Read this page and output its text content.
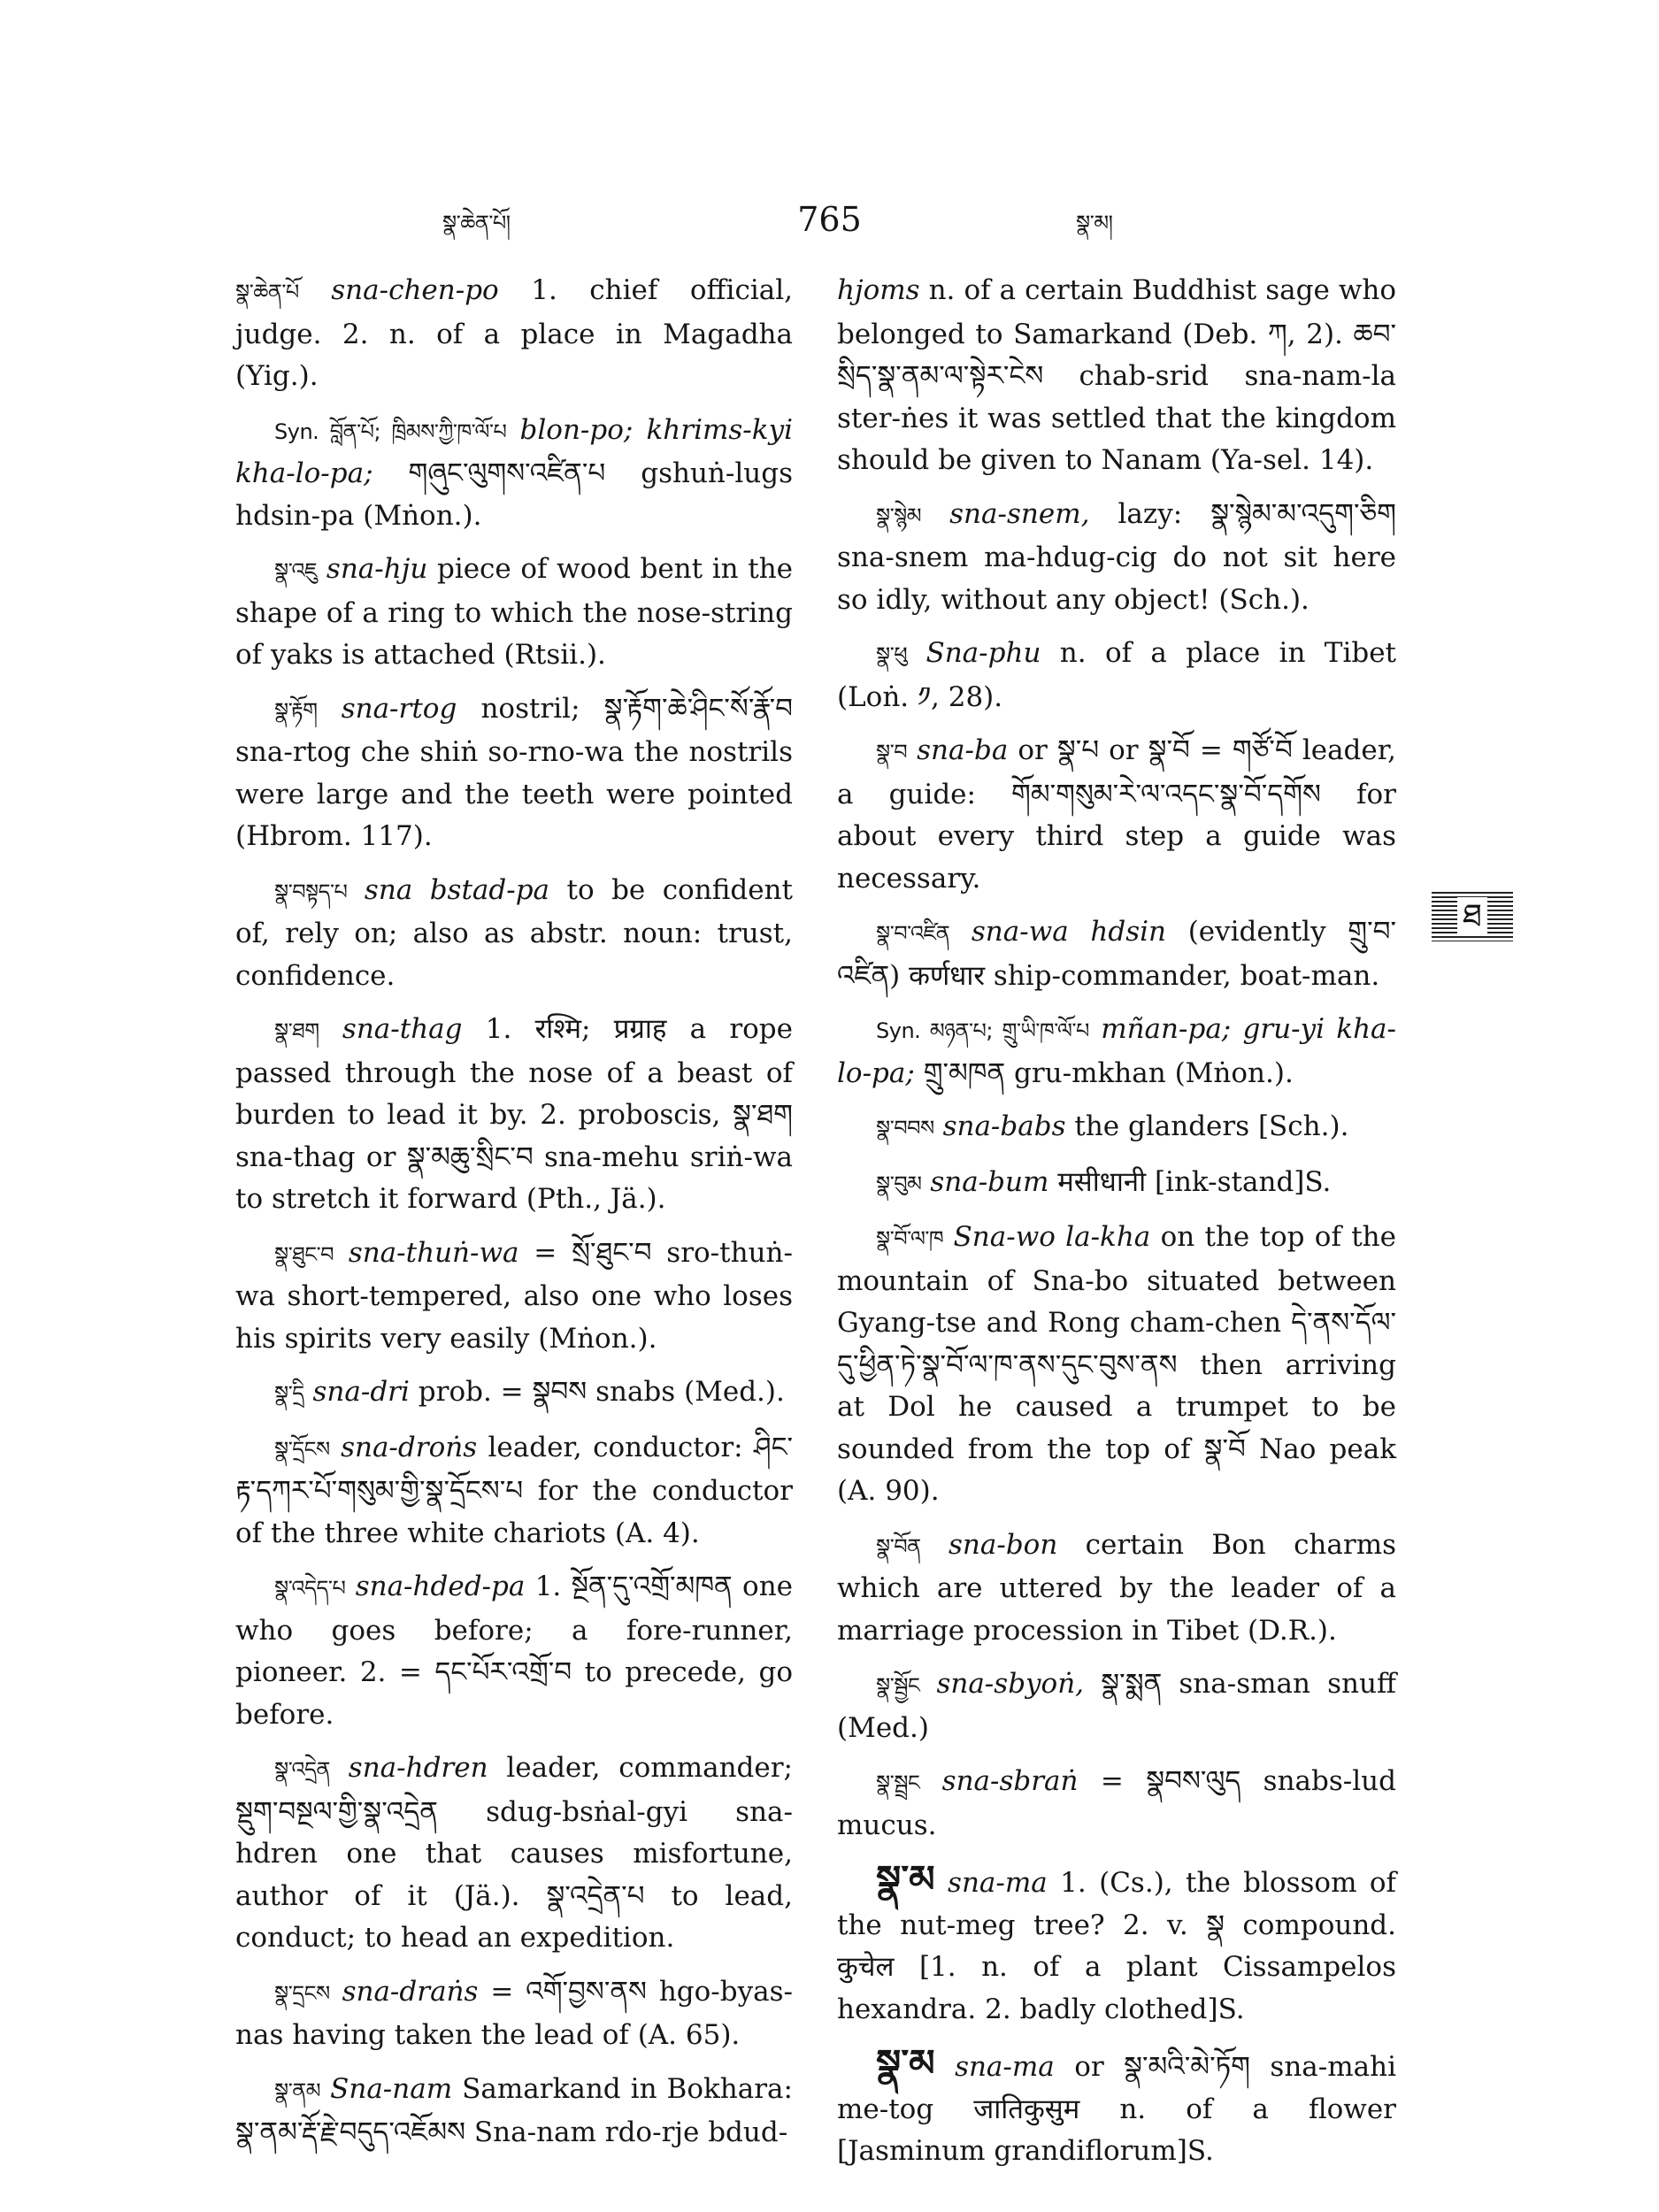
སྣ་ཆེན་པོ།	765	སྣ་མ།

སྣ་ཆེན་པོ sna-chen-po 1. chief official, judge. 2. n. of a place in Magadha (Yig.).

Syn. བློན་པོ; ཁྲིམས་ཀྱི་ཁ་ལོ་པ blon-po; khrims-kyi kha-lo-pa; གཞུང་ལུགས་འཛིན་པ gshuṅ-lugs hdsin-pa (Mṅon.).

སྣ་འཇུ sna-hju piece of wood bent in the shape of a ring to which the nose-string of yaks is attached (Rtsii.).

སྣ་རྟོག sna-rtog nostril; སྣ་རྟོག་ཆེ་ཤིང་སོ་རྣོ་བ sna-rtog che shiṅ so-rno-wa the nostrils were large and the teeth were pointed (Hbrom. 117).

སྣ་བསྟད་པ sna bstad-pa to be confident of, rely on; also as abstr. noun: trust, confidence.

སྣ་ཐག sna-thag 1. रश्मि; प्रग्राह a rope passed through the nose of a beast of burden to lead it by. 2. proboscis, སྣ་ཐག sna-thag or སྣ་མཆུ་སྲིང་བ sna-mehu sriṅ-wa to stretch it forward (Pth., Jä.).

སྣ་ཐུང་བ sna-thuṅ-wa = སྲོ་ཐུང་བ sro-thuṅ-wa short-tempered, also one who loses his spirits very easily (Mṅon.).

སྣ་དྲི sna-dri prob. = སྣབས snabs (Med.).

སྣ་དྲོངས sna-droṅs leader, conductor: ཤིང་རྟ་དཀར་པོ་གསུམ་གྱི་སྣ་དྲོངས་པ for the conductor of the three white chariots (A. 4).

སྣ་འདེད་པ sna-hded-pa 1. སྔོན་དུ་འགྲོ་མཁན one who goes before; a fore-runner, pioneer. 2. = དང་པོར་འགྲོ་བ to precede, go before.

སྣ་འདྲེན sna-hdren leader, commander; སྡུག་བསྔལ་གྱི་སྣ་འདྲེན sdug-bsṅal-gyi sna-hdren one that causes misfortune, author of it (Jä.). སྣ་འདྲེན་པ to lead, conduct; to head an expedition.

སྣ་དྲངས sna-draṅs = འགོ་བྱས་ནས hgo-byas-nas having taken the lead of (A. 65).

སྣ་ནམ Sna-nam Samarkand in Bokhara: སྣ་ནམ་རྡོ་རྗེ་བདུད་འཇོམས Sna-nam rdo-rje bdud-

hjoms n. of a certain Buddhist sage who belonged to Samarkand (Deb. ཀ, 2). ཆབ་སྲིད་སྣ་ནམ་ལ་སྟེར་ངེས chab-srid sna-nam-la ster-ṅes it was settled that the kingdom should be given to Nanam (Ya-sel. 14).

སྣ་སྙེམ sna-snem, lazy: སྣ་སྙེམ་མ་འདུག་ཅིག sna-snem ma-hdug-cig do not sit here so idly, without any object! (Sch.).

སྣ་ཕུ Sna-phu n. of a place in Tibet (Loṅ. ༡, 28).

སྣ་བ sna-ba or སྣ་པ or སྣ་བོ = གཙོ་བོ leader, a guide: གོམ་གསུམ་རེ་ལ་འདང་སྣ་བོ་དགོས for about every third step a guide was necessary.

སྣ་བ་འཛིན sna-wa hdsin (evidently གྲུ་བ་འཛིན) कर्णधार ship-commander, boat-man.

Syn. མཉན་པ; གྲུ་ཡི་ཁ་ལོ་པ mñan-pa; gru-yi kha-lo-pa; གྲུ་མཁན gru-mkhan (Mṅon.).

སྣ་བབས sna-babs the glanders [Sch.).

སྣ་བུམ sna-bum मसीधानी [ink-stand]S.

སྣ་བོ་ལ་ཁ Sna-wo la-kha on the top of the mountain of Sna-bo situated between Gyang-tse and Rong cham-chen དེ་ནས་དོལ་དུ་ཕྱིན་ཏེ་སྣ་བོ་ལ་ཁ་ནས་དུང་བུས་ནས then arriving at Dol he caused a trumpet to be sounded from the top of སྣ་བོ Nao peak (A. 90).

སྣ་བོན sna-bon certain Bon charms which are uttered by the leader of a marriage procession in Tibet (D.R.).

སྣ་སྦྱོང sna-sbyoṅ, སྣ་སྨན sna-sman snuff (Med.)

སྣ་སྦྲང sna-sbraṅ = སྣབས་ལུད snabs-lud mucus.

སྣ་མ sna-ma 1. (Cs.), the blossom of the nut-meg tree? 2. v. སྣ compound. कुचेल [1. n. of a plant Cissampelos hexandra. 2. badly clothed]S.

སྣ་མ sna-ma or སྣ་མའི་མེ་ཏོག sna-mahi me-tog जातिकुसुम n. of a flower [Jasminum grandiflorum]S.

ཐ
